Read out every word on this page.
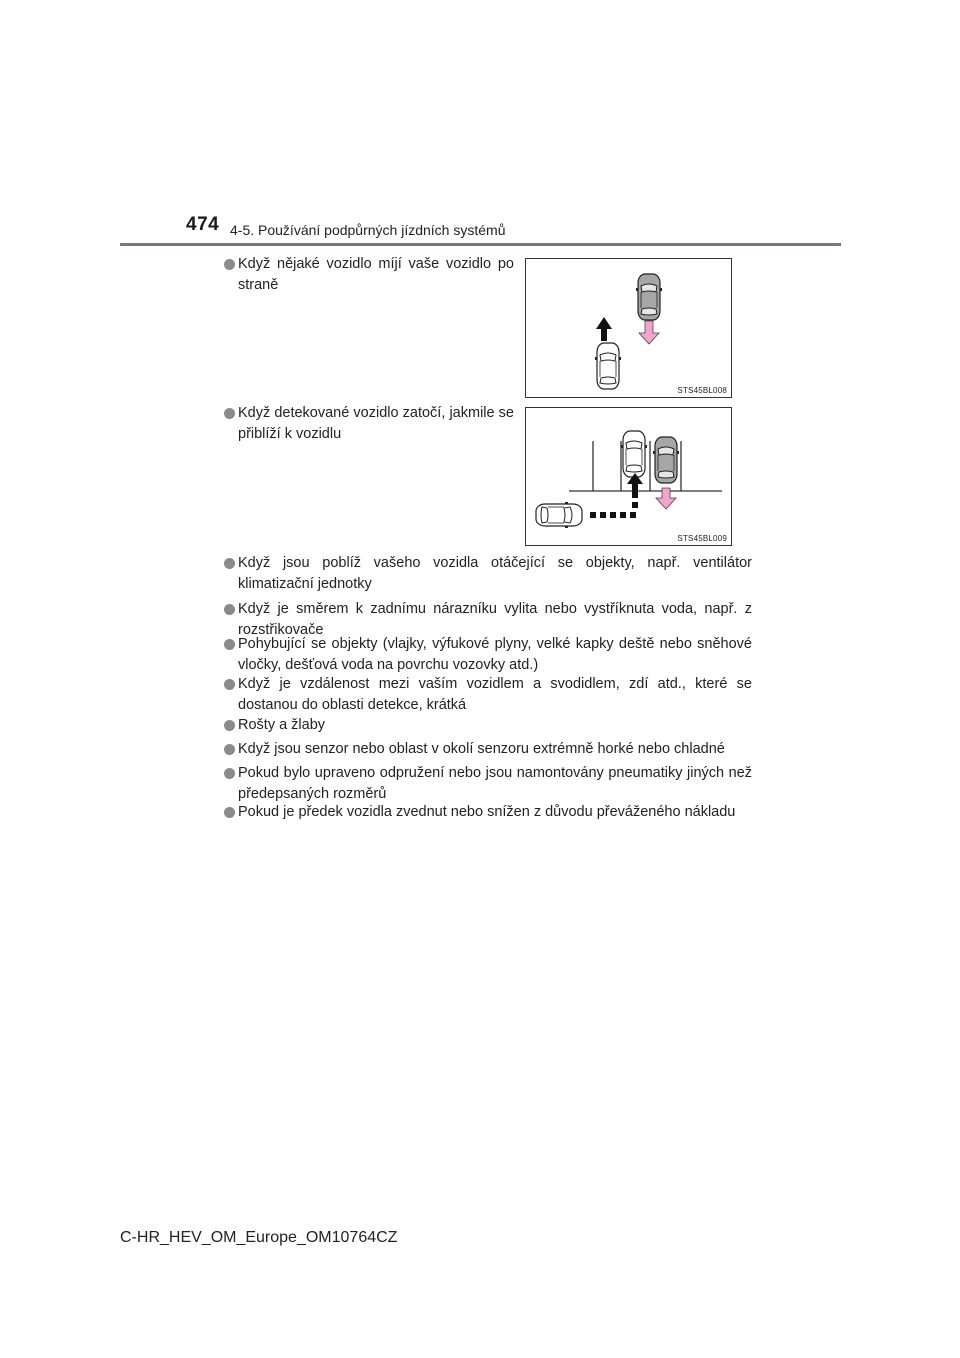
474 4-5. Používání podpůrných jízdních systémů
Když nějaké vozidlo míjí vaše vozidlo po straně
STS45BL008
Když detekované vozidlo zatočí, jakmile se přiblíží k vozidlu
STS45BL009
Když jsou poblíž vašeho vozidla otáčející se objekty, např. ventilátor klimatizační jednotky
Když je směrem k zadnímu nárazníku vylita nebo vystříknuta voda, např. z rozstřikovače
Pohybující se objekty (vlajky, výfukové plyny, velké kapky deště nebo sněhové vločky, dešťová voda na povrchu vozovky atd.)
Když je vzdálenost mezi vaším vozidlem a svodidlem, zdí atd., které se dostanou do oblasti detekce, krátká
Rošty a žlaby
Když jsou senzor nebo oblast v okolí senzoru extrémně horké nebo chladné
Pokud bylo upraveno odpružení nebo jsou namontovány pneumatiky jiných než předepsaných rozměrů
Pokud je předek vozidla zvednut nebo snížen z důvodu převáženého nákladu
C-HR_HEV_OM_Europe_OM10764CZ
